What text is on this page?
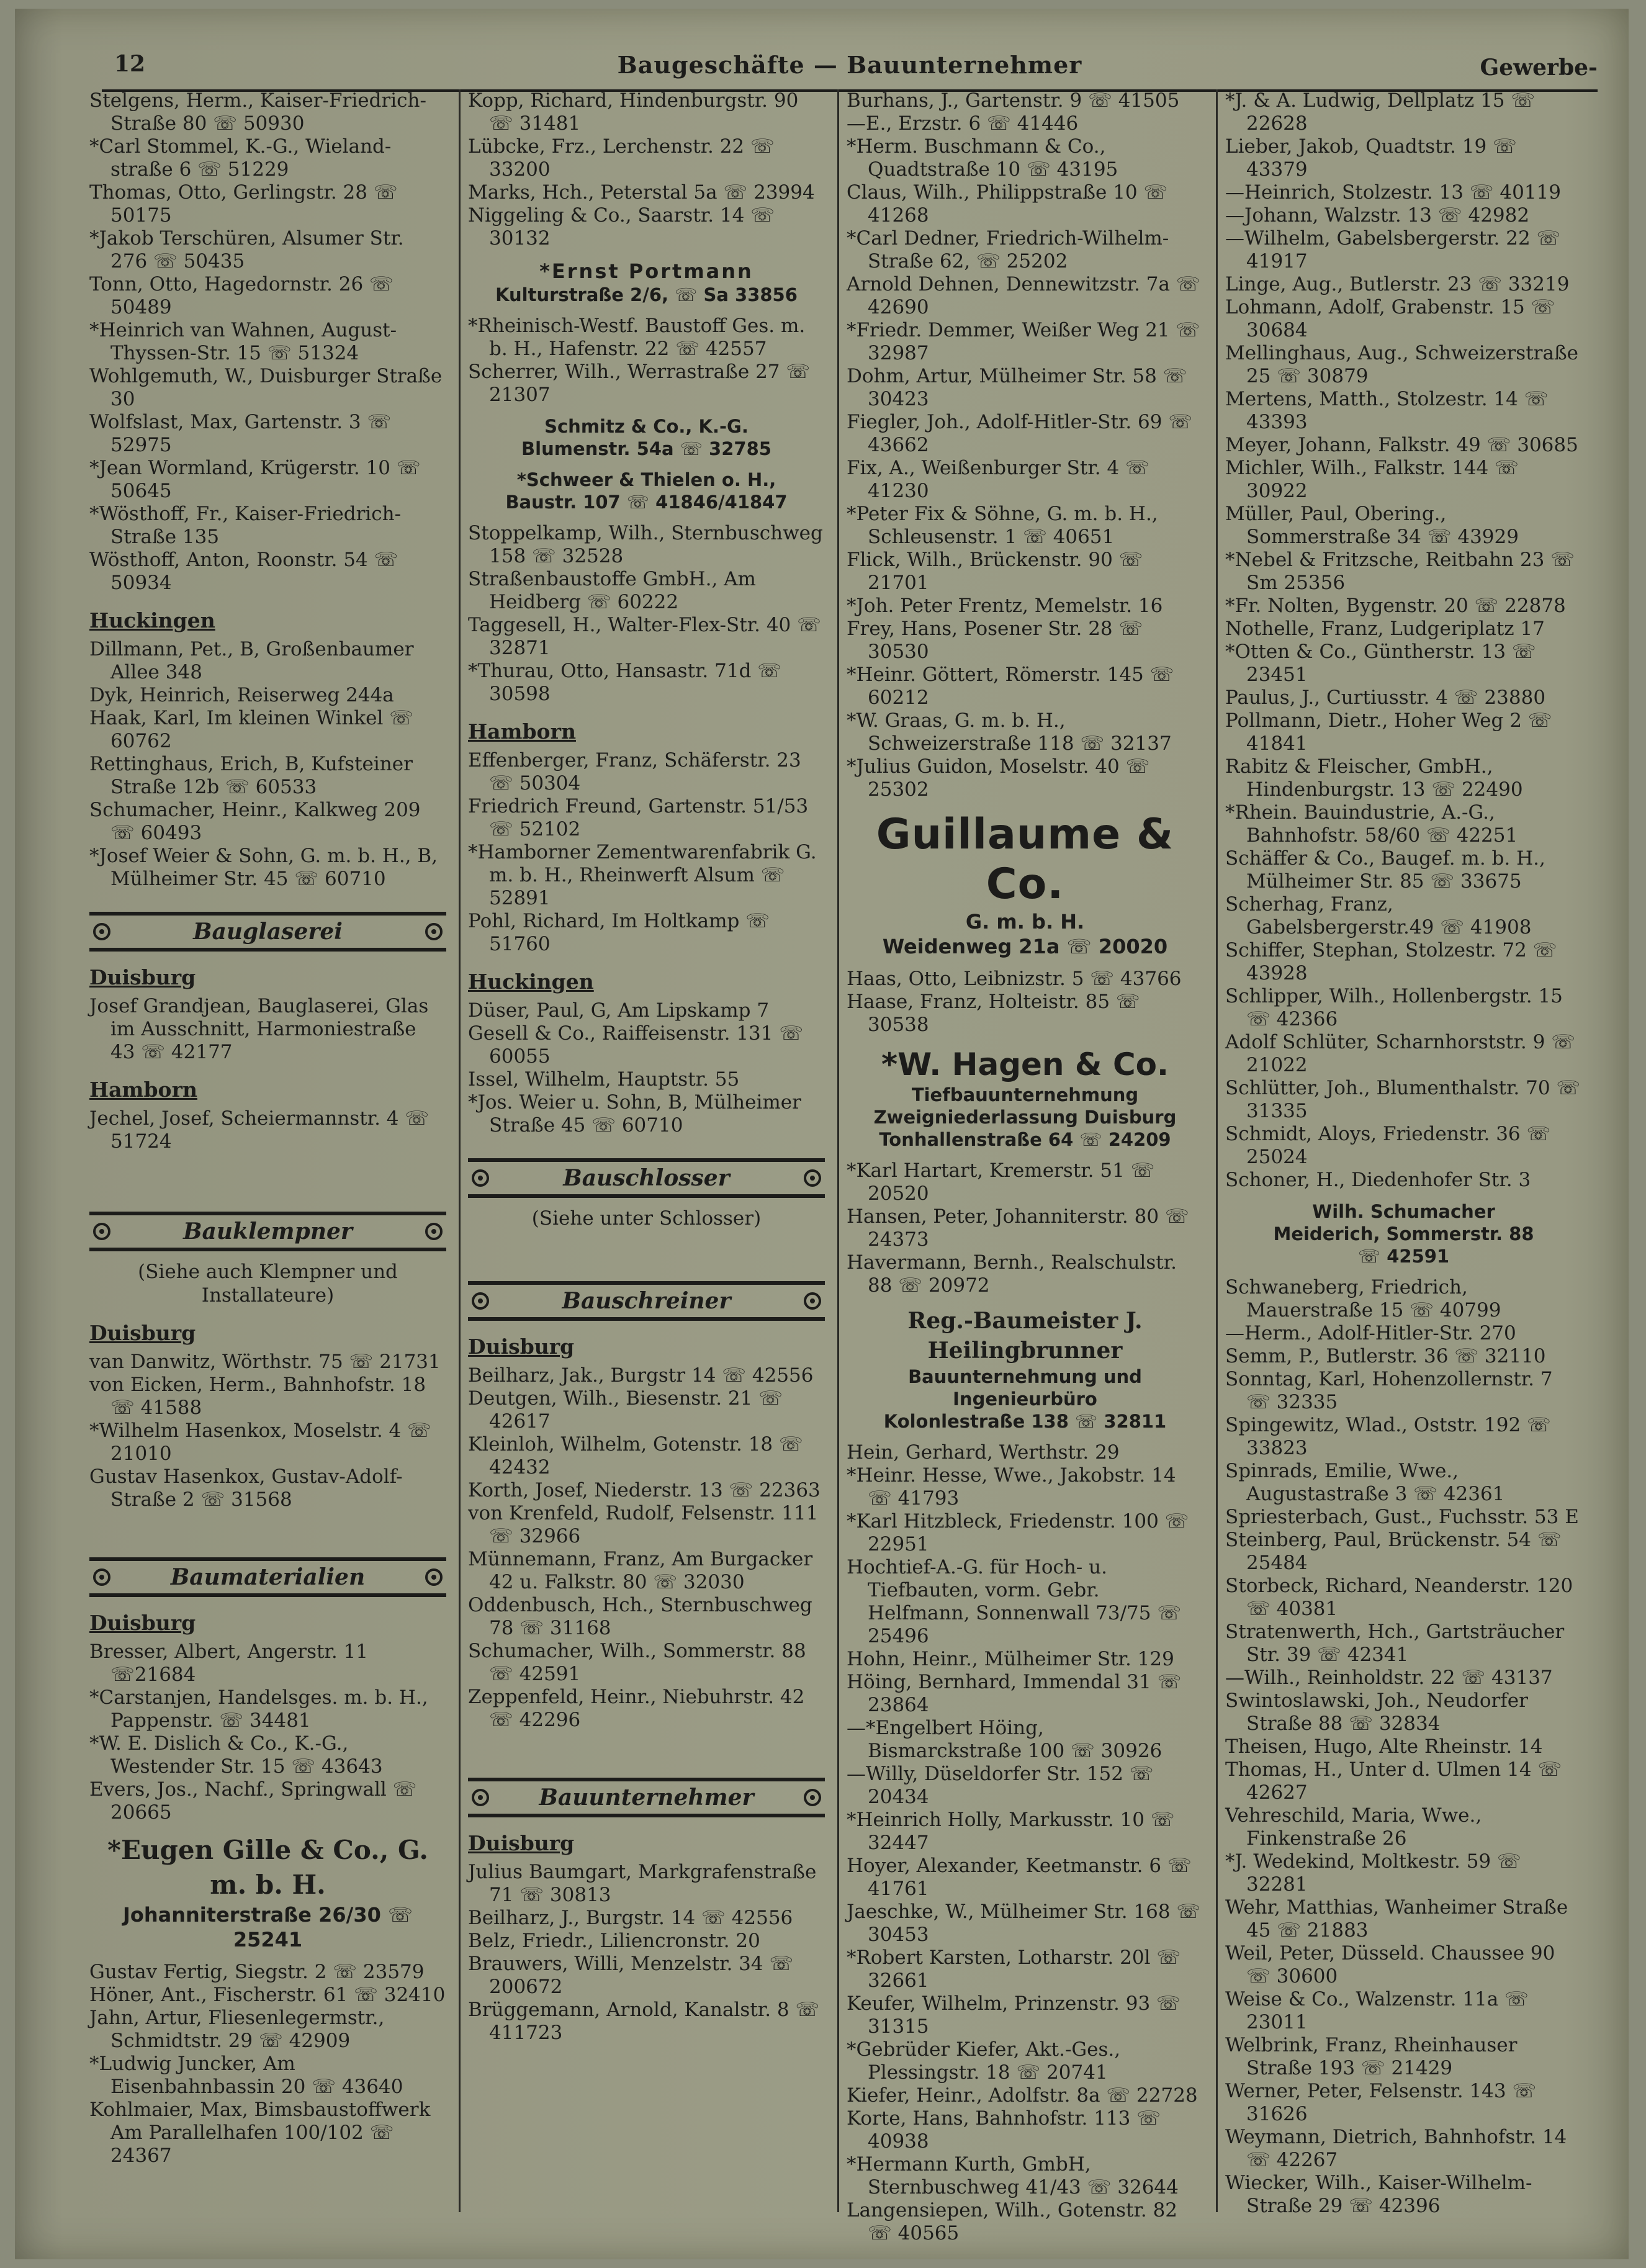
12	Baugeschäfte — Bauunternehmer	Gewerbe-

Stelgens, Herm., Kaiser-Friedrich-Straße 80 ☏ 50930

*Carl Stommel, K.-G., Wieland-straße 6 ☏ 51229

Thomas, Otto, Gerlingstr. 28 ☏ 50175

*Jakob Terschüren, Alsumer Str. 276 ☏ 50435

Tonn, Otto, Hagedornstr. 26 ☏ 50489

*Heinrich van Wahnen, August-Thyssen-Str. 15 ☏ 51324

Wohlgemuth, W., Duisburger Straße 30

Wolfslast, Max, Gartenstr. 3 ☏ 52975

*Jean Wormland, Krügerstr. 10 ☏ 50645

*Wösthoff, Fr., Kaiser-Friedrich-Straße 135

Wösthoff, Anton, Roonstr. 54 ☏ 50934

Huckingen

Dillmann, Pet., B, Großenbaumer Allee 348

Dyk, Heinrich, Reiserweg 244a

Haak, Karl, Im kleinen Winkel ☏ 60762

Rettinghaus, Erich, B, Kufsteiner Straße 12b ☏ 60533

Schumacher, Heinr., Kalkweg 209 ☏ 60493

*Josef Weier & Sohn, G. m. b. H., B, Mülheimer Str. 45 ☏ 60710

Bauglaserei
Duisburg

Josef Grandjean, Bauglaserei, Glas im Ausschnitt, Harmoniestraße 43 ☏ 42177

Hamborn

Jechel, Josef, Scheiermannstr. 4 ☏ 51724

Bauklempner
(Siehe auch Klempner und Installateure)
Duisburg

van Danwitz, Wörthstr. 75 ☏ 21731

von Eicken, Herm., Bahnhofstr. 18 ☏ 41588

*Wilhelm Hasenkox, Moselstr. 4 ☏ 21010

Gustav Hasenkox, Gustav-Adolf-Straße 2 ☏ 31568

Baumaterialien
Duisburg

Bresser, Albert, Angerstr. 11 ☏21684

*Carstanjen, Handelsges. m. b. H., Pappenstr. ☏ 34481

*W. E. Dislich & Co., K.-G., Westender Str. 15 ☏ 43643

Evers, Jos., Nachf., Springwall ☏ 20665

*Eugen Gille & Co., G. m. b. H.
Johanniterstraße 26/30 ☏ 25241

Gustav Fertig, Siegstr. 2 ☏ 23579

Höner, Ant., Fischerstr. 61 ☏ 32410

Jahn, Artur, Fliesenlegermstr., Schmidtstr. 29 ☏ 42909

*Ludwig Juncker, Am Eisenbahnbassin 20 ☏ 43640

Kohlmaier, Max, Bimsbaustoffwerk Am Parallelhafen 100/102 ☏ 24367

Kopp, Richard, Hindenburgstr. 90 ☏ 31481

Lübcke, Frz., Lerchenstr. 22 ☏ 33200

Marks, Hch., Peterstal 5a ☏ 23994

Niggeling & Co., Saarstr. 14 ☏ 30132

*Ernst Portmann
Kulturstraße 2/6, ☏ Sa 33856

*Rheinisch-Westf. Baustoff Ges. m. b. H., Hafenstr. 22 ☏ 42557

Scherrer, Wilh., Werrastraße 27 ☏ 21307

Schmitz & Co., K.-G.
Blumenstr. 54a ☏ 32785
*Schweer & Thielen o. H.,
Baustr. 107 ☏ 41846/41847

Stoppelkamp, Wilh., Sternbuschweg 158 ☏ 32528

Straßenbaustoffe GmbH., Am Heidberg ☏ 60222

Taggesell, H., Walter-Flex-Str. 40 ☏ 32871

*Thurau, Otto, Hansastr. 71d ☏ 30598

Hamborn

Effenberger, Franz, Schäferstr. 23 ☏ 50304

Friedrich Freund, Gartenstr. 51/53 ☏ 52102

*Hamborner Zementwarenfabrik G. m. b. H., Rheinwerft Alsum ☏ 52891

Pohl, Richard, Im Holtkamp ☏ 51760

Huckingen

Düser, Paul, G, Am Lipskamp 7

Gesell & Co., Raiffeisenstr. 131 ☏ 60055

Issel, Wilhelm, Hauptstr. 55

*Jos. Weier u. Sohn, B, Mülheimer Straße 45 ☏ 60710

Bauschlosser
(Siehe unter Schlosser)
Bauschreiner
Duisburg

Beilharz, Jak., Burgstr 14 ☏ 42556

Deutgen, Wilh., Biesenstr. 21 ☏ 42617

Kleinloh, Wilhelm, Gotenstr. 18 ☏ 42432

Korth, Josef, Niederstr. 13 ☏ 22363

von Krenfeld, Rudolf, Felsenstr. 111 ☏ 32966

Münnemann, Franz, Am Burgacker 42 u. Falkstr. 80 ☏ 32030

Oddenbusch, Hch., Sternbuschweg 78 ☏ 31168

Schumacher, Wilh., Sommerstr. 88 ☏ 42591

Zeppenfeld, Heinr., Niebuhrstr. 42 ☏ 42296

Bauunternehmer
Duisburg

Julius Baumgart, Markgrafenstraße 71 ☏ 30813

Beilharz, J., Burgstr. 14 ☏ 42556

Belz, Friedr., Liliencronstr. 20

Brauwers, Willi, Menzelstr. 34 ☏ 200672

Brüggemann, Arnold, Kanalstr. 8 ☏ 411723

Burhans, J., Gartenstr. 9 ☏ 41505

—E., Erzstr. 6 ☏ 41446

*Herm. Buschmann & Co., Quadtstraße 10 ☏ 43195

Claus, Wilh., Philippstraße 10 ☏ 41268

*Carl Dedner, Friedrich-Wilhelm-Straße 62, ☏ 25202

Arnold Dehnen, Dennewitzstr. 7a ☏ 42690

*Friedr. Demmer, Weißer Weg 21 ☏ 32987

Dohm, Artur, Mülheimer Str. 58 ☏ 30423

Fiegler, Joh., Adolf-Hitler-Str. 69 ☏ 43662

Fix, A., Weißenburger Str. 4 ☏ 41230

*Peter Fix & Söhne, G. m. b. H., Schleusenstr. 1 ☏ 40651

Flick, Wilh., Brückenstr. 90 ☏ 21701

*Joh. Peter Frentz, Memelstr. 16

Frey, Hans, Posener Str. 28 ☏ 30530

*Heinr. Göttert, Römerstr. 145 ☏ 60212

*W. Graas, G. m. b. H., Schweizerstraße 118 ☏ 32137

*Julius Guidon, Moselstr. 40 ☏ 25302

Guillaume & Co.
G. m. b. H.
Weidenweg 21a ☏ 20020

Haas, Otto, Leibnizstr. 5 ☏ 43766

Haase, Franz, Holteistr. 85 ☏ 30538

*W. Hagen & Co.
Tiefbauunternehmung
Zweigniederlassung Duisburg
Tonhallenstraße 64 ☏ 24209

*Karl Hartart, Kremerstr. 51 ☏ 20520

Hansen, Peter, Johanniterstr. 80 ☏ 24373

Havermann, Bernh., Realschulstr. 88 ☏ 20972

Reg.-Baumeister J. Heilingbrunner
Bauunternehmung und Ingenieurbüro
Kolonlestraße 138 ☏ 32811

Hein, Gerhard, Werthstr. 29

*Heinr. Hesse, Wwe., Jakobstr. 14 ☏ 41793

*Karl Hitzbleck, Friedenstr. 100 ☏ 22951

Hochtief-A.-G. für Hoch- u. Tiefbauten, vorm. Gebr. Helfmann, Sonnenwall 73/75 ☏ 25496

Hohn, Heinr., Mülheimer Str. 129

Höing, Bernhard, Immendal 31 ☏ 23864

—*Engelbert Höing, Bismarckstraße 100 ☏ 30926

—Willy, Düseldorfer Str. 152 ☏ 20434

*Heinrich Holly, Markusstr. 10 ☏ 32447

Hoyer, Alexander, Keetmanstr. 6 ☏ 41761

Jaeschke, W., Mülheimer Str. 168 ☏ 30453

*Robert Karsten, Lotharstr. 20l ☏ 32661

Keufer, Wilhelm, Prinzenstr. 93 ☏ 31315

*Gebrüder Kiefer, Akt.-Ges., Plessingstr. 18 ☏ 20741

Kiefer, Heinr., Adolfstr. 8a ☏ 22728

Korte, Hans, Bahnhofstr. 113 ☏ 40938

*Hermann Kurth, GmbH, Sternbuschweg 41/43 ☏ 32644

Langensiepen, Wilh., Gotenstr. 82 ☏ 40565

*J. & A. Ludwig, Dellplatz 15 ☏ 22628

Lieber, Jakob, Quadtstr. 19 ☏ 43379

—Heinrich, Stolzestr. 13 ☏ 40119

—Johann, Walzstr. 13 ☏ 42982

—Wilhelm, Gabelsbergerstr. 22 ☏ 41917

Linge, Aug., Butlerstr. 23 ☏ 33219

Lohmann, Adolf, Grabenstr. 15 ☏ 30684

Mellinghaus, Aug., Schweizerstraße 25 ☏ 30879

Mertens, Matth., Stolzestr. 14 ☏ 43393

Meyer, Johann, Falkstr. 49 ☏ 30685

Michler, Wilh., Falkstr. 144 ☏ 30922

Müller, Paul, Obering., Sommerstraße 34 ☏ 43929

*Nebel & Fritzsche, Reitbahn 23 ☏ Sm 25356

*Fr. Nolten, Bygenstr. 20 ☏ 22878

Nothelle, Franz, Ludgeriplatz 17

*Otten & Co., Güntherstr. 13 ☏ 23451

Paulus, J., Curtiusstr. 4 ☏ 23880

Pollmann, Dietr., Hoher Weg 2 ☏ 41841

Rabitz & Fleischer, GmbH., Hindenburgstr. 13 ☏ 22490

*Rhein. Bauindustrie, A.-G., Bahnhofstr. 58/60 ☏ 42251

Schäffer & Co., Baugef. m. b. H., Mülheimer Str. 85 ☏ 33675

Scherhag, Franz, Gabelsbergerstr.49 ☏ 41908

Schiffer, Stephan, Stolzestr. 72 ☏ 43928

Schlipper, Wilh., Hollenbergstr. 15 ☏ 42366

Adolf Schlüter, Scharnhorststr. 9 ☏ 21022

Schlütter, Joh., Blumenthalstr. 70 ☏ 31335

Schmidt, Aloys, Friedenstr. 36 ☏ 25024

Schoner, H., Diedenhofer Str. 3

Wilh. Schumacher
Meiderich, Sommerstr. 88
☏ 42591

Schwaneberg, Friedrich, Mauerstraße 15 ☏ 40799

—Herm., Adolf-Hitler-Str. 270

Semm, P., Butlerstr. 36 ☏ 32110

Sonntag, Karl, Hohenzollernstr. 7 ☏ 32335

Spingewitz, Wlad., Oststr. 192 ☏ 33823

Spinrads, Emilie, Wwe., Augustastraße 3 ☏ 42361

Spriesterbach, Gust., Fuchsstr. 53 E

Steinberg, Paul, Brückenstr. 54 ☏ 25484

Storbeck, Richard, Neanderstr. 120 ☏ 40381

Stratenwerth, Hch., Gartsträucher Str. 39 ☏ 42341

—Wilh., Reinholdstr. 22 ☏ 43137

Swintoslawski, Joh., Neudorfer Straße 88 ☏ 32834

Theisen, Hugo, Alte Rheinstr. 14

Thomas, H., Unter d. Ulmen 14 ☏ 42627

Vehreschild, Maria, Wwe., Finkenstraße 26

*J. Wedekind, Moltkestr. 59 ☏ 32281

Wehr, Matthias, Wanheimer Straße 45 ☏ 21883

Weil, Peter, Düsseld. Chaussee 90 ☏ 30600

Weise & Co., Walzenstr. 11a ☏ 23011

Welbrink, Franz, Rheinhauser Straße 193 ☏ 21429

Werner, Peter, Felsenstr. 143 ☏ 31626

Weymann, Dietrich, Bahnhofstr. 14 ☏ 42267

Wiecker, Wilh., Kaiser-Wilhelm-Straße 29 ☏ 42396
